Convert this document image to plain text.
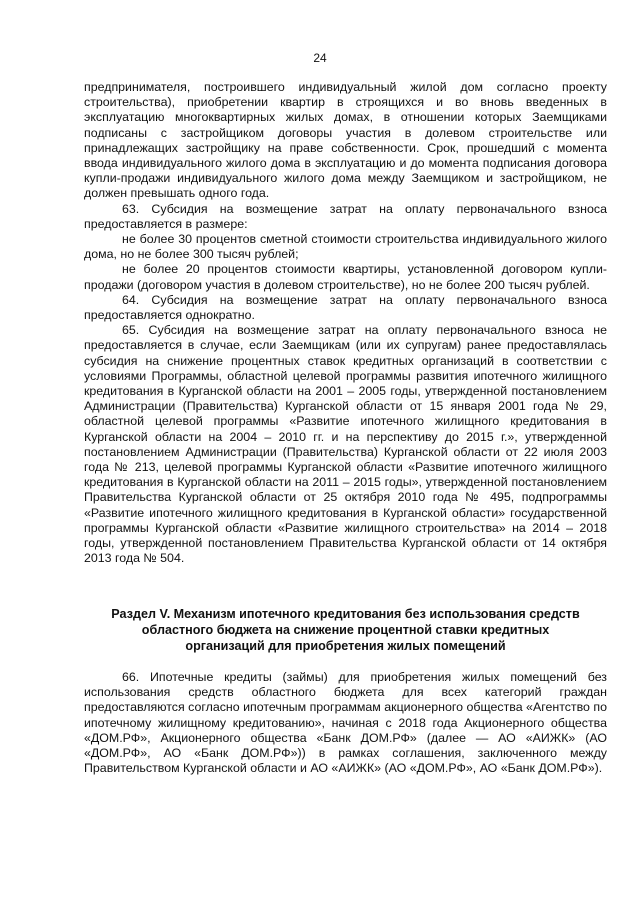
24

предпринимателя, построившего индивидуальный жилой дом согласно проекту строительства), приобретении квартир в строящихся и во вновь введенных в эксплуатацию многоквартирных жилых домах, в отношении которых Заемщиками подписаны с застройщиком договоры участия в долевом строительстве или принадлежащих застройщику на праве собственности. Срок, прошедший с момента ввода индивидуального жилого дома в эксплуатацию и до момента подписания договора купли-продажи индивидуального жилого дома между Заемщиком и застройщиком, не должен превышать одного года.

63. Субсидия на возмещение затрат на оплату первоначального взноса предоставляется в размере:

не более 30 процентов сметной стоимости строительства индивидуального жилого дома, но не более 300 тысяч рублей;

не более 20 процентов стоимости квартиры, установленной договором купли-продажи (договором участия в долевом строительстве), но не более 200 тысяч рублей.

64. Субсидия на возмещение затрат на оплату первоначального взноса предоставляется однократно.

65. Субсидия на возмещение затрат на оплату первоначального взноса не предоставляется в случае, если Заемщикам (или их супругам) ранее предоставлялась субсидия на снижение процентных ставок кредитных организаций в соответствии с условиями Программы, областной целевой программы развития ипотечного жилищного кредитования в Курганской области на 2001 – 2005 годы, утвержденной постановлением Администрации (Правительства) Курганской области от 15 января 2001 года № 29, областной целевой программы «Развитие ипотечного жилищного кредитования в Курганской области на 2004 – 2010 гг. и на перспективу до 2015 г.», утвержденной постановлением Администрации (Правительства) Курганской области от 22 июля 2003 года № 213, целевой программы Курганской области «Развитие ипотечного жилищного кредитования в Курганской области на 2011 – 2015 годы», утвержденной постановлением Правительства Курганской области от 25 октября 2010 года № 495, подпрограммы «Развитие ипотечного жилищного кредитования в Курганской области» государственной программы Курганской области «Развитие жилищного строительства» на 2014 – 2018 годы, утвержденной постановлением Правительства Курганской области от 14 октября 2013 года № 504.

Раздел V. Механизм ипотечного кредитования без использования средств
областного бюджета на снижение процентной ставки кредитных
организаций для приобретения жилых помещений

66. Ипотечные кредиты (займы) для приобретения жилых помещений без использования средств областного бюджета для всех категорий граждан предоставляются согласно ипотечным программам акционерного общества «Агентство по ипотечному жилищному кредитованию», начиная с 2018 года Акционерного общества «ДОМ.РФ», Акционерного общества «Банк ДОМ.РФ» (далее — АО «АИЖК» (АО «ДОМ.РФ», АО «Банк ДОМ.РФ»)) в рамках соглашения, заключенного между Правительством Курганской области и АО «АИЖК» (АО «ДОМ.РФ», АО «Банк ДОМ.РФ»).
